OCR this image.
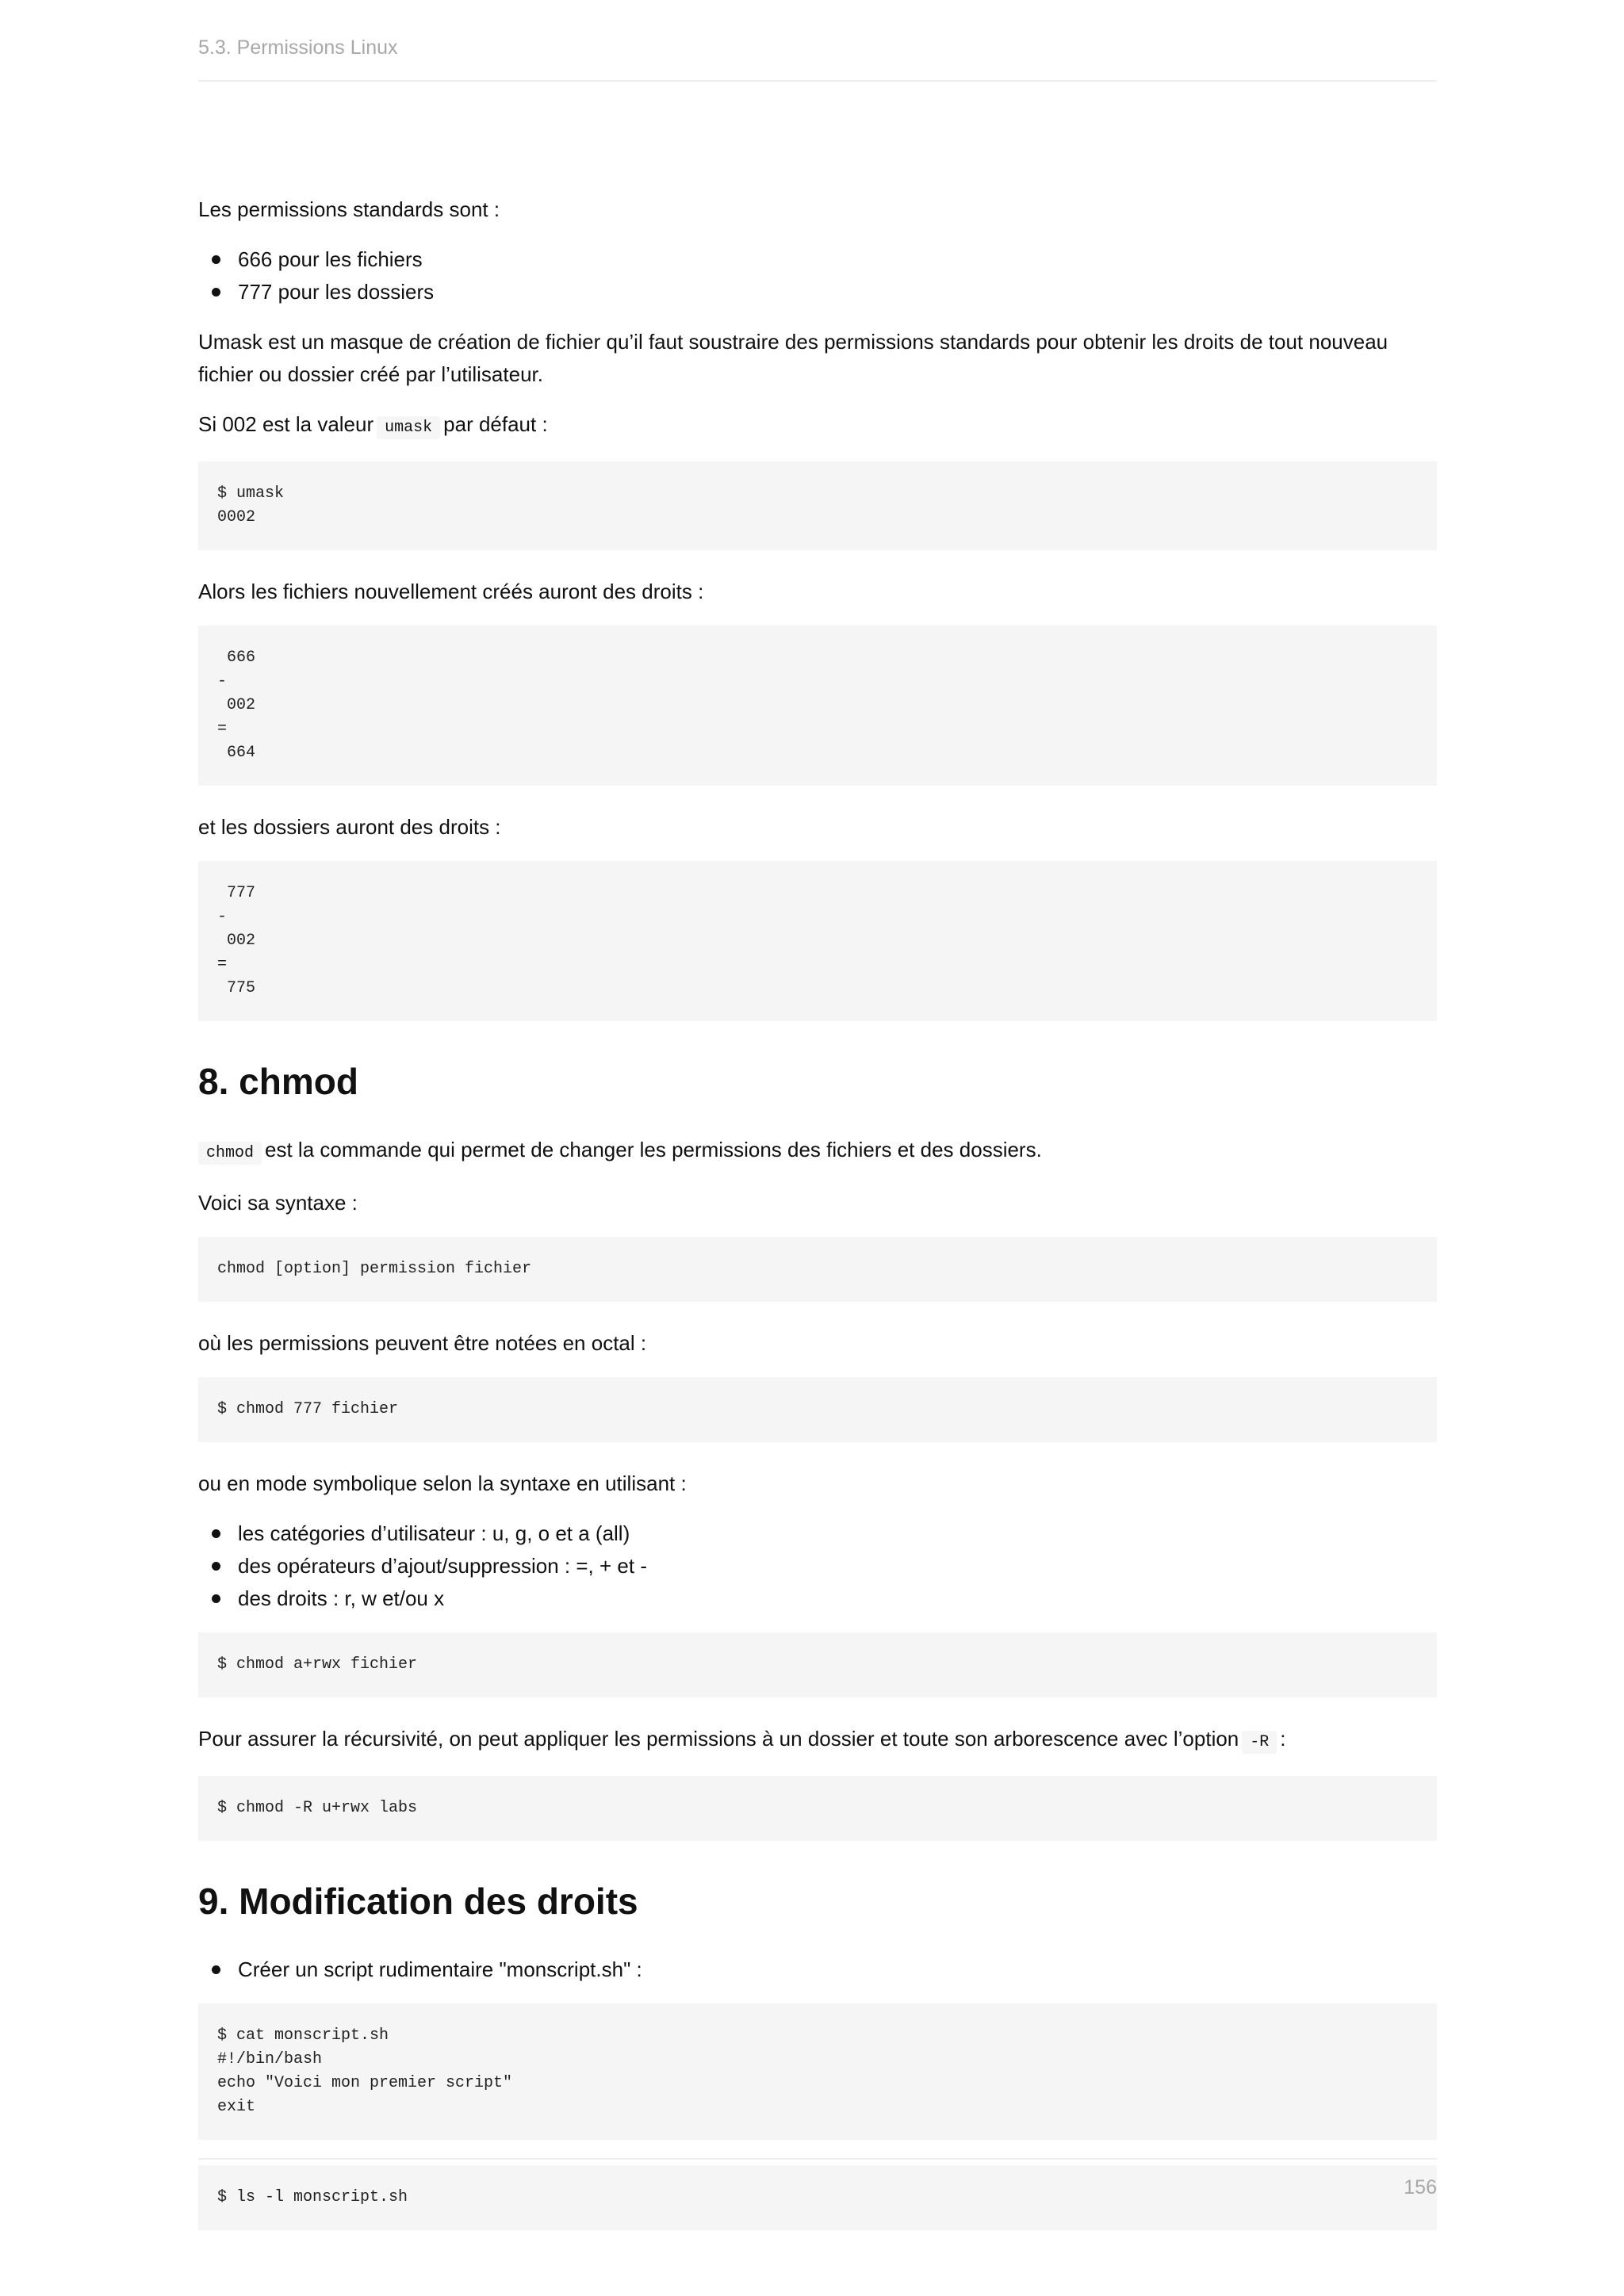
5.3. Permissions Linux

Les permissions standards sont :

666 pour les fichiers
777 pour les dossiers

Umask est un masque de création de fichier qu’il faut soustraire des permissions standards pour obtenir les droits de tout nouveau fichier ou dossier créé par l’utilisateur.

Si 002 est la valeur umask par défaut :

$ umask
0002

Alors les fichiers nouvellement créés auront des droits :

666
-
002
=
664

et les dossiers auront des droits :

777
-
002
=
775
8. chmod

chmod est la commande qui permet de changer les permissions des fichiers et des dossiers.

Voici sa syntaxe :

chmod [option] permission fichier

où les permissions peuvent être notées en octal :

$ chmod 777 fichier

ou en mode symbolique selon la syntaxe en utilisant :

les catégories d’utilisateur : u, g, o et a (all)
des opérateurs d’ajout/suppression : =, + et -
des droits : r, w et/ou x
$ chmod a+rwx fichier

Pour assurer la récursivité, on peut appliquer les permissions à un dossier et toute son arborescence avec l’option -R :

$ chmod -R u+rwx labs
9. Modification des droits
Créer un script rudimentaire "monscript.sh" :
$ cat monscript.sh
#!/bin/bash
echo "Voici mon premier script"
exit
$ ls -l monscript.sh	156
